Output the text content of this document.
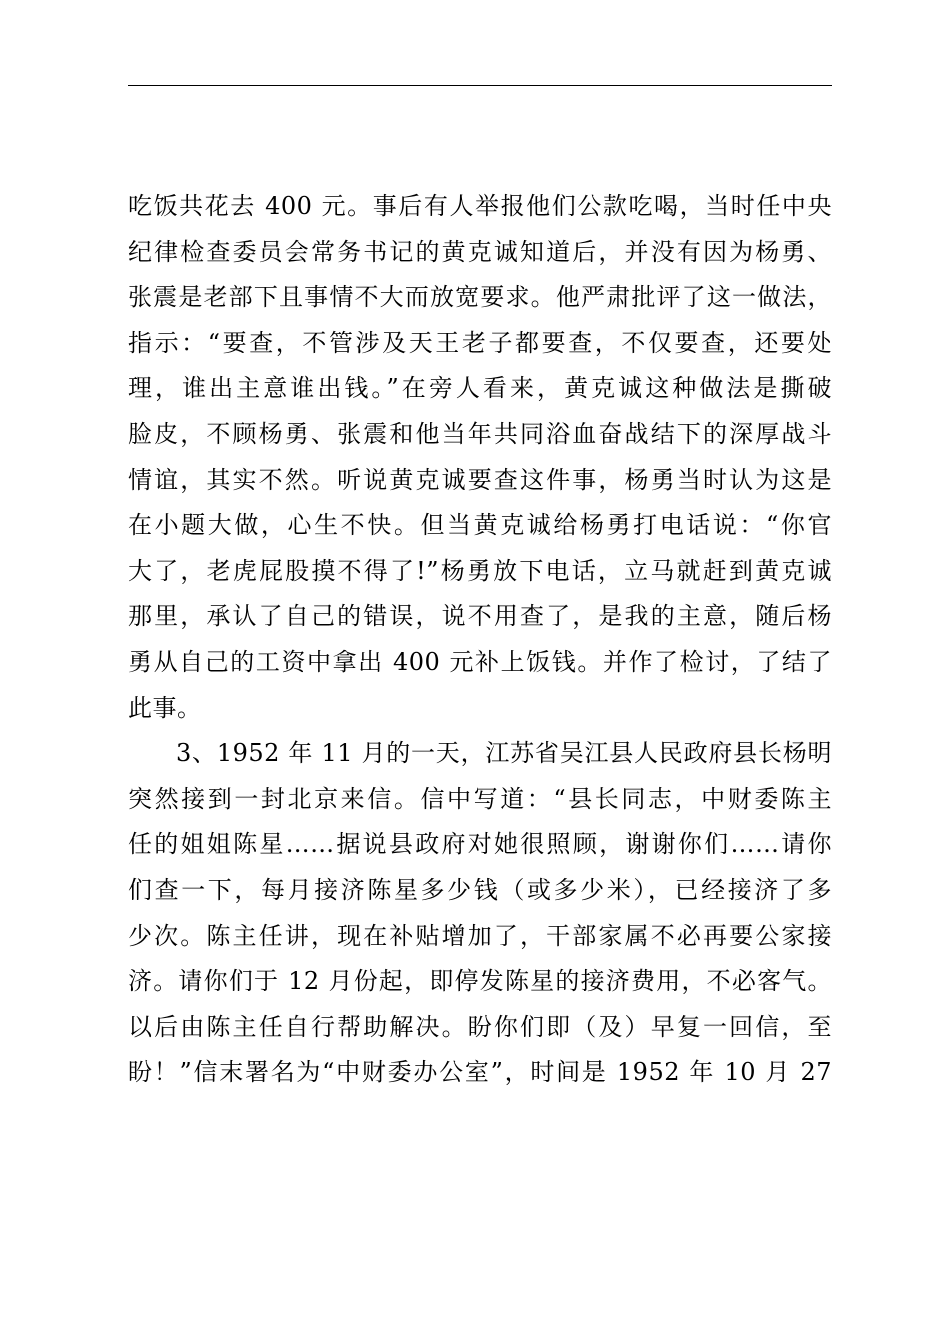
吃饭共花去 400 元。事后有人举报他们公款吃喝，当时任中央
纪律检查委员会常务书记的黄克诚知道后，并没有因为杨勇、
张震是老部下且事情不大而放宽要求。他严肃批评了这一做法，
指示：“要查，不管涉及天王老子都要查，不仅要查，还要处
理，谁出主意谁出钱。”在旁人看来，黄克诚这种做法是撕破
脸皮，不顾杨勇、张震和他当年共同浴血奋战结下的深厚战斗
情谊，其实不然。听说黄克诚要查这件事，杨勇当时认为这是
在小题大做，心生不快。但当黄克诚给杨勇打电话说：“你官
大了，老虎屁股摸不得了!”杨勇放下电话，立马就赶到黄克诚
那里，承认了自己的错误，说不用查了，是我的主意，随后杨
勇从自己的工资中拿出 400 元补上饭钱。并作了检讨，了结了
此事。
3、1952 年 11 月的一天，江苏省吴江县人民政府县长杨明
突然接到一封北京来信。信中写道：“县长同志，中财委陈主
任的姐姐陈星……据说县政府对她很照顾，谢谢你们……请你
们查一下，每月接济陈星多少钱（或多少米），已经接济了多
少次。陈主任讲，现在补贴增加了，干部家属不必再要公家接
济。请你们于 12 月份起，即停发陈星的接济费用，不必客气。
以后由陈主任自行帮助解决。盼你们即（及）早复一回信，至
盼！”信末署名为“中财委办公室”，时间是 1952 年 10 月 27
